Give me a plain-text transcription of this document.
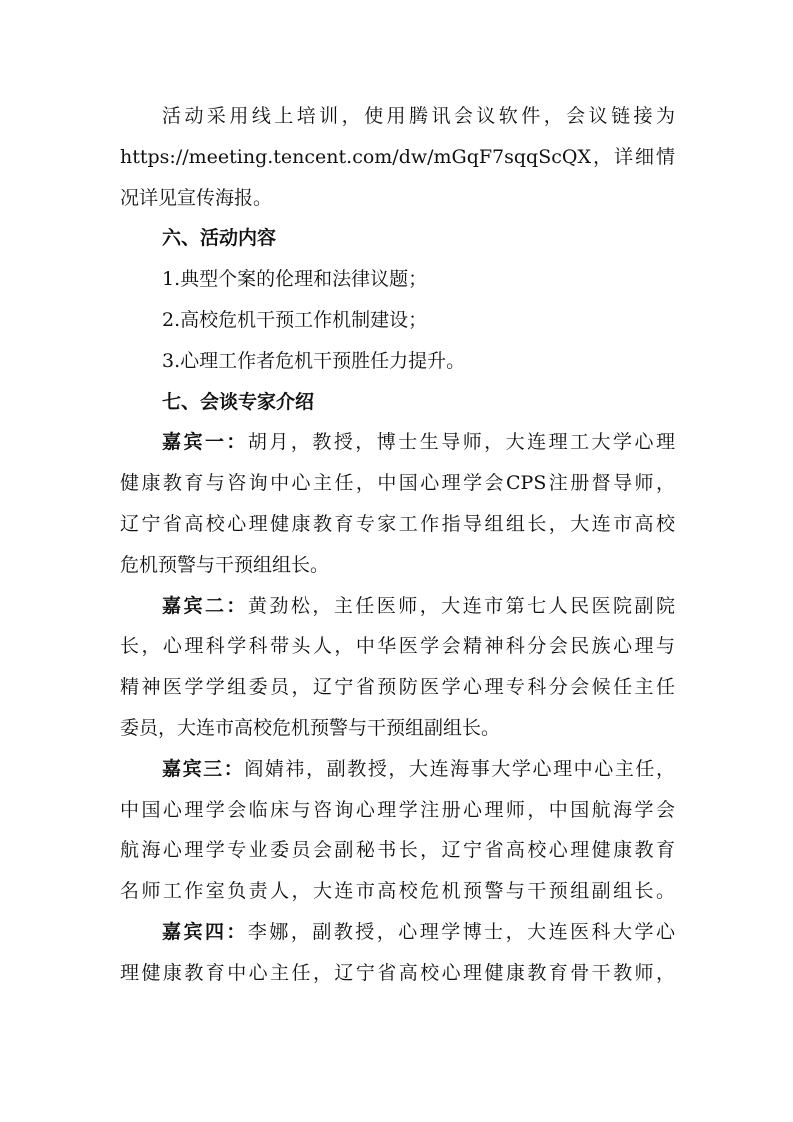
活动采用线上培训，使用腾讯会议软件，会议链接为
https://meeting.tencent.com/dw/mGqF7sqqScQX，详细情
况详见宣传海报。
六、活动内容
1.典型个案的伦理和法律议题；
2.高校危机干预工作机制建设；
3.心理工作者危机干预胜任力提升。
七、会谈专家介绍
嘉宾一：胡月，教授，博士生导师，大连理工大学心理
健康教育与咨询中心主任，中国心理学会CPS注册督导师，
辽宁省高校心理健康教育专家工作指导组组长，大连市高校
危机预警与干预组组长。
嘉宾二：黄劲松，主任医师，大连市第七人民医院副院
长，心理科学科带头人，中华医学会精神科分会民族心理与
精神医学学组委员，辽宁省预防医学心理专科分会候任主任
委员，大连市高校危机预警与干预组副组长。
嘉宾三：阎婧祎，副教授，大连海事大学心理中心主任，
中国心理学会临床与咨询心理学注册心理师，中国航海学会
航海心理学专业委员会副秘书长，辽宁省高校心理健康教育
名师工作室负责人，大连市高校危机预警与干预组副组长。
嘉宾四：李娜，副教授，心理学博士，大连医科大学心
理健康教育中心主任，辽宁省高校心理健康教育骨干教师，
